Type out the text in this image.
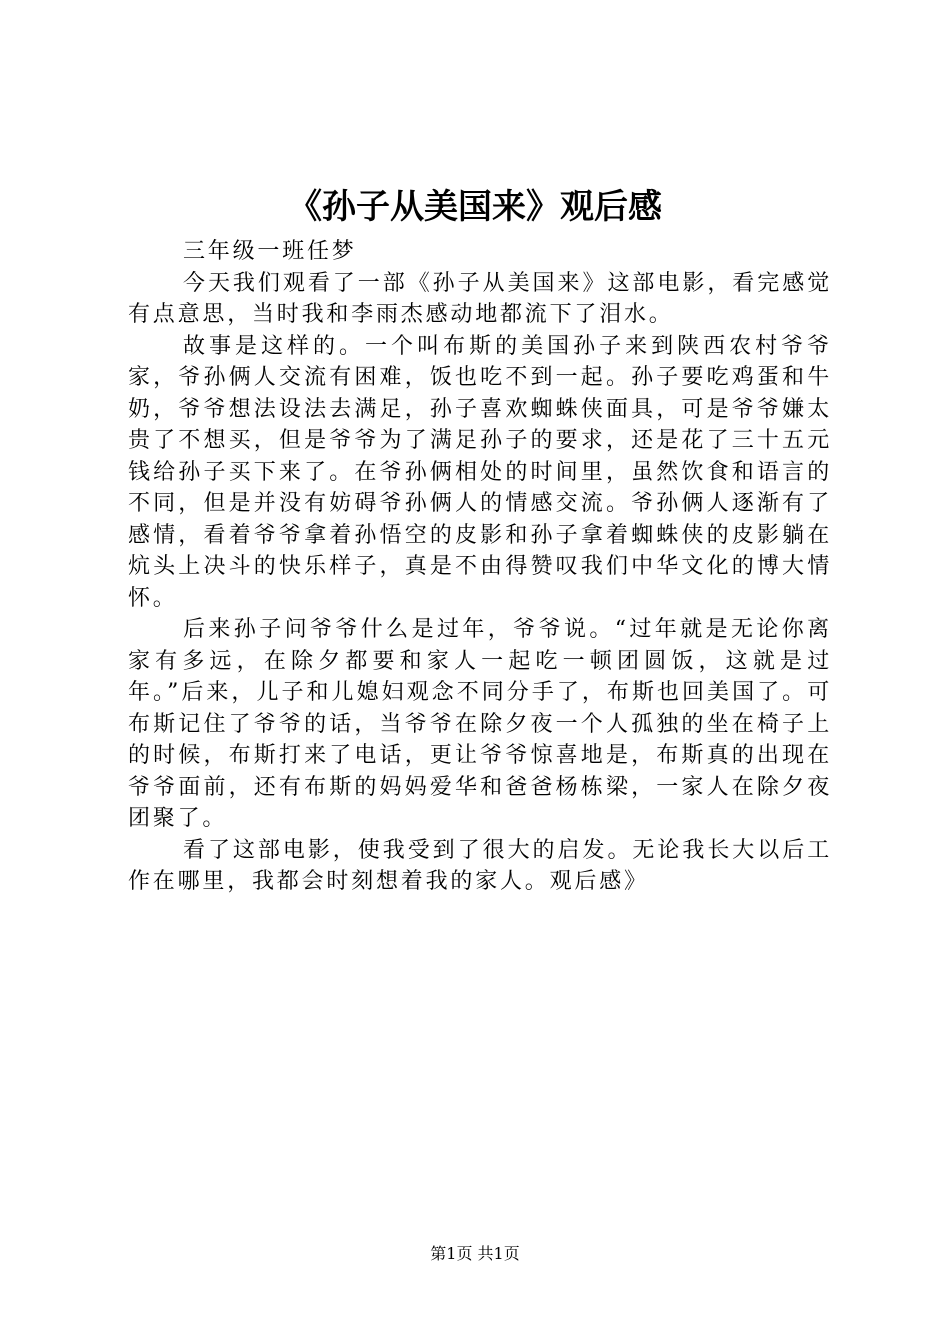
《孙子从美国来》观后感

三年级一班任梦

今天我们观看了一部《孙子从美国来》这部电影，看完感觉有点意思，当时我和李雨杰感动地都流下了泪水。

故事是这样的。一个叫布斯的美国孙子来到陕西农村爷爷家，爷孙俩人交流有困难，饭也吃不到一起。孙子要吃鸡蛋和牛奶，爷爷想法设法去满足，孙子喜欢蜘蛛侠面具，可是爷爷嫌太贵了不想买，但是爷爷为了满足孙子的要求，还是花了三十五元钱给孙子买下来了。在爷孙俩相处的时间里，虽然饮食和语言的不同，但是并没有妨碍爷孙俩人的情感交流。爷孙俩人逐渐有了感情，看着爷爷拿着孙悟空的皮影和孙子拿着蜘蛛侠的皮影躺在炕头上决斗的快乐样子，真是不由得赞叹我们中华文化的博大情怀。

后来孙子问爷爷什么是过年，爷爷说。“过年就是无论你离家有多远，在除夕都要和家人一起吃一顿团圆饭，这就是过年。”后来，儿子和儿媳妇观念不同分手了，布斯也回美国了。可布斯记住了爷爷的话，当爷爷在除夕夜一个人孤独的坐在椅子上的时候，布斯打来了电话，更让爷爷惊喜地是，布斯真的出现在爷爷面前，还有布斯的妈妈爱华和爸爸杨栋梁，一家人在除夕夜团聚了。

看了这部电影，使我受到了很大的启发。无论我长大以后工作在哪里，我都会时刻想着我的家人。观后感》

第1页 共1页
